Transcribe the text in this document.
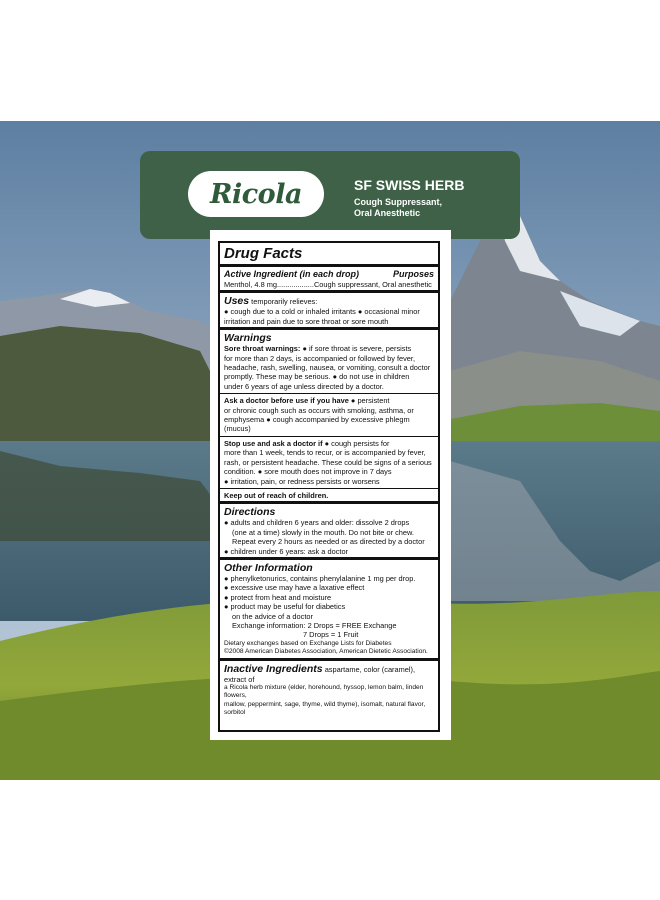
Ricola	SF SWISS HERB
Cough Suppressant,
Oral Anesthetic
Drug Facts
Active Ingredient (in each drop)	Purposes
Menthol, 4.8 mg..................Cough suppressant, Oral anesthetic
Uses temporarily relieves:
● cough due to a cold or inhaled irritants ● occasional minor
irritation and pain due to sore throat or sore mouth
Warnings
Sore throat warnings: ● if sore throat is severe, persists
for more than 2 days, is accompanied or followed by fever,
headache, rash, swelling, nausea, or vomiting, consult a doctor
promptly. These may be serious. ● do not use in children
under 6 years of age unless directed by a doctor.
Ask a doctor before use if you have ● persistent
or chronic cough such as occurs with smoking, asthma, or
emphysema ● cough accompanied by excessive phlegm (mucus)
Stop use and ask a doctor if ● cough persists for
more than 1 week, tends to recur, or is accompanied by fever,
rash, or persistent headache. These could be signs of a serious
condition. ● sore mouth does not improve in 7 days
● irritation, pain, or redness persists or worsens
Keep out of reach of children.
Directions
● adults and children 6 years and older: dissolve 2 drops
(one at a time) slowly in the mouth. Do not bite or chew.
Repeat every 2 hours as needed or as directed by a doctor
● children under 6 years: ask a doctor
Other Information
● phenylketonurics, contains phenylalanine 1 mg per drop.
● excessive use may have a laxative effect
● protect from heat and moisture
● product may be useful for diabetics
on the advice of a doctor
Exchange information: 2 Drops = FREE Exchange
7 Drops = 1 Fruit
Dietary exchanges based on Exchange Lists for Diabetes
©2008 American Diabetes Association, American Dietetic Association.
Inactive Ingredients aspartame, color (caramel), extract of
a Ricola herb mixture (elder, horehound, hyssop, lemon balm, linden flowers,
mallow, peppermint, sage, thyme, wild thyme), isomalt, natural flavor, sorbitol
